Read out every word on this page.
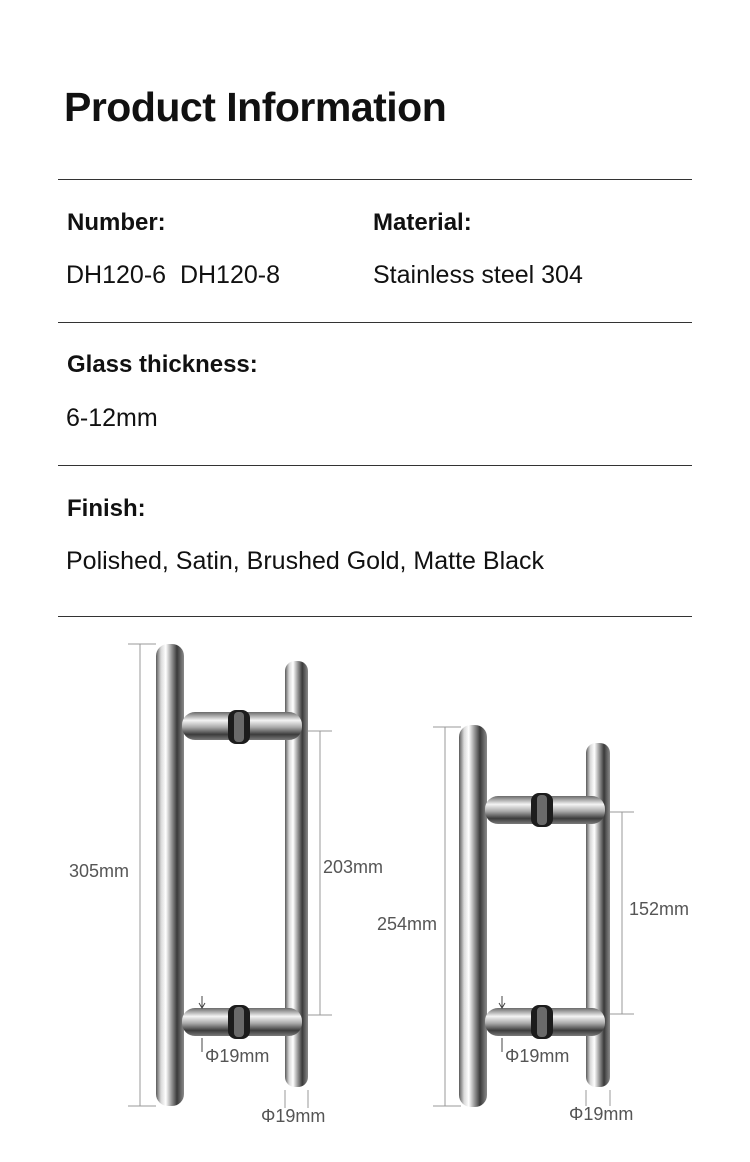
Product Information
Number:
DH120-6  DH120-8
Material:
Stainless steel 304
Glass thickness:
6-12mm
Finish:
Polished, Satin, Brushed Gold, Matte Black
305mm	203mm
Φ19mm
Φ19mm
254mm
152mm
Φ19mm
Φ19mm
